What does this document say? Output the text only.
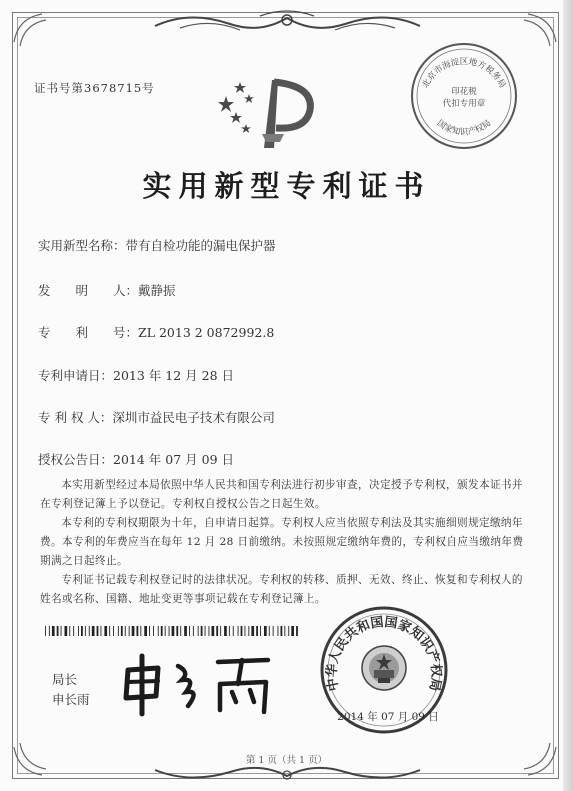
证书号第3678715号	北京市海淀区地方税务局
印花税
代扣专用章
国家知识产权局
实用新型专利证书
实用新型名称：带有自检功能的漏电保护器
发　　明　　人：戴静振
专　　利　　号：ZL 2013 2 0872992.8
专利申请日：2013 年 12 月 28 日
专 利 权 人：深圳市益民电子技术有限公司
授权公告日：2014 年 07 月 09 日

本实用新型经过本局依照中华人民共和国专利法进行初步审查，决定授予专利权，颁发本证书并在专利登记簿上予以登记。专利权自授权公告之日起生效。

本专利的专利权期限为十年，自申请日起算。专利权人应当依照专利法及其实施细则规定缴纳年费。本专利的年费应当在每年 12 月 28 日前缴纳。未按照规定缴纳年费的，专利权自应当缴纳年费期满之日起终止。

专利证书记载专利权登记时的法律状况。专利权的转移、质押、无效、终止、恢复和专利权人的姓名或名称、国籍、地址变更等事项记载在专利登记簿上。

局长
申长雨
中华人民共和国国家知识产权局
2014 年 07 月 09 日
第 1 页（共 1 页）
